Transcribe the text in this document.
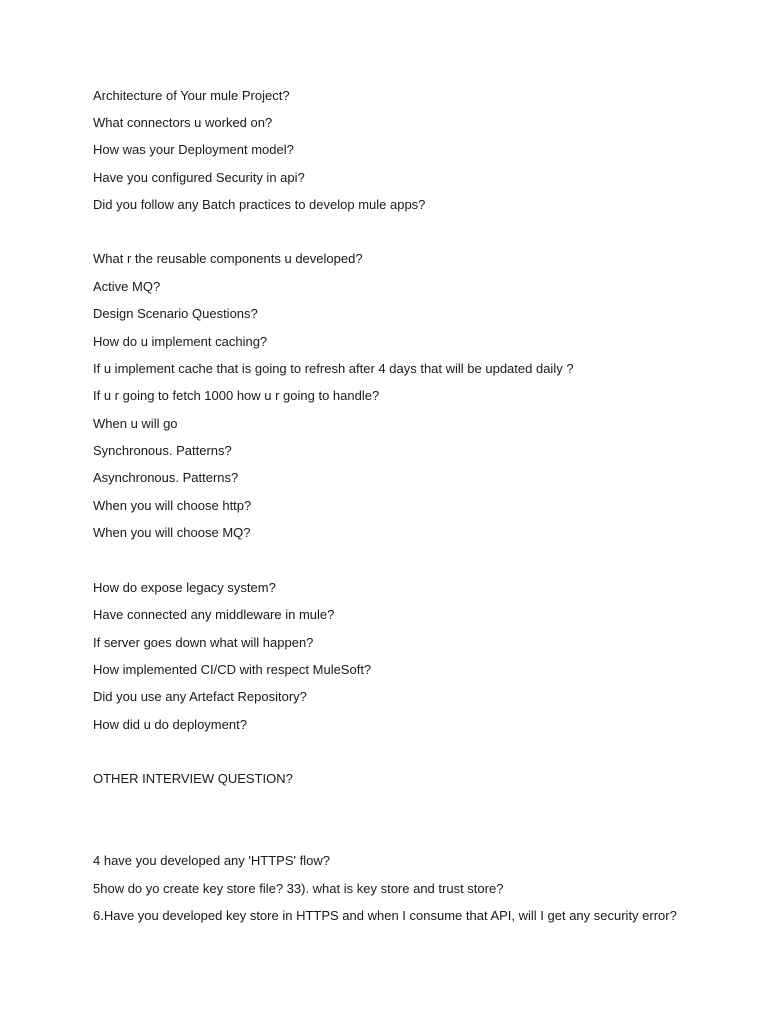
Architecture of Your mule Project?
What connectors u worked on?
How was your Deployment model?
Have you configured Security in api?
Did you follow any Batch practices to develop mule apps?
What r the reusable components u developed?
Active MQ?
Design Scenario Questions?
How do u implement caching?
If u implement cache that is going to refresh after 4 days that will be updated daily ?
If u r going to fetch 1000 how u r going to handle?
When u will go
Synchronous. Patterns?
Asynchronous. Patterns?
When you will choose http?
When you will choose MQ?
How do expose legacy system?
Have connected any middleware in mule?
If server goes down what will happen?
How implemented CI/CD with respect MuleSoft?
Did you use any Artefact Repository?
How did u do deployment?
OTHER INTERVIEW QUESTION?
4 have you developed any 'HTTPS' flow?
5how do yo create key store file? 33). what is key store and trust store?
6.Have you developed key store in HTTPS and when I consume that API, will I get any security error?
